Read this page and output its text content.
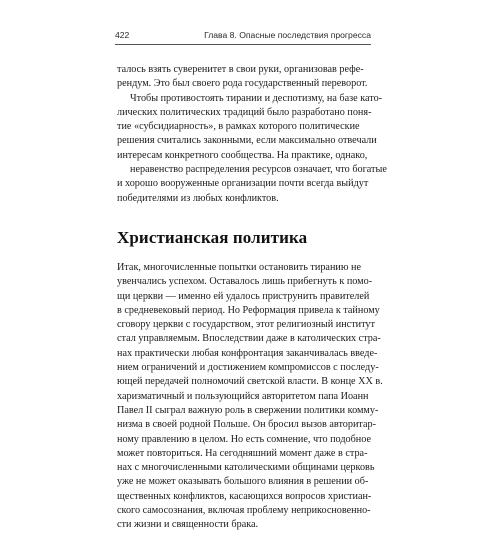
422	Глава 8. Опасные последствия прогресса
талось взять суверенитет в свои руки, организовав рефе-
рендум. Это был своего рода государственный переворот.
Чтобы противостоять тирании и деспотизму, на базе като-
лических политических традиций было разработано поня-
тие «субсидиарность», в рамках которого политические
решения считались законными, если максимально отвечали
интересам конкретного сообщества. На практике, однако,
неравенство распределения ресурсов означает, что богатые
и хорошо вооруженные организации почти всегда выйдут
победителями из любых конфликтов.
Христианская политика
Итак, многочисленные попытки остановить тиранию не
увенчались успехом. Оставалось лишь прибегнуть к помо-
щи церкви — именно ей удалось приструнить правителей
в средневековый период. Но Реформация привела к тайному
сговору церкви с государством, этот религиозный институт
стал управляемым. Впоследствии даже в католических стра-
нах практически любая конфронтация заканчивалась введе-
нием ограничений и достижением компромиссов с последу-
ющей передачей полномочий светской власти. В конце XX в.
харизматичный и пользующийся авторитетом папа Иоанн
Павел II сыграл важную роль в свержении политики комму-
низма в своей родной Польше. Он бросил вызов авторитар-
ному правлению в целом. Но есть сомнение, что подобное
может повториться. На сегодняшний момент даже в стра-
нах с многочисленными католическими общинами церковь
уже не может оказывать большого влияния в решении об-
щественных конфликтов, касающихся вопросов христиан-
ского самосознания, включая проблему неприкосновенно-
сти жизни и священности брака.
